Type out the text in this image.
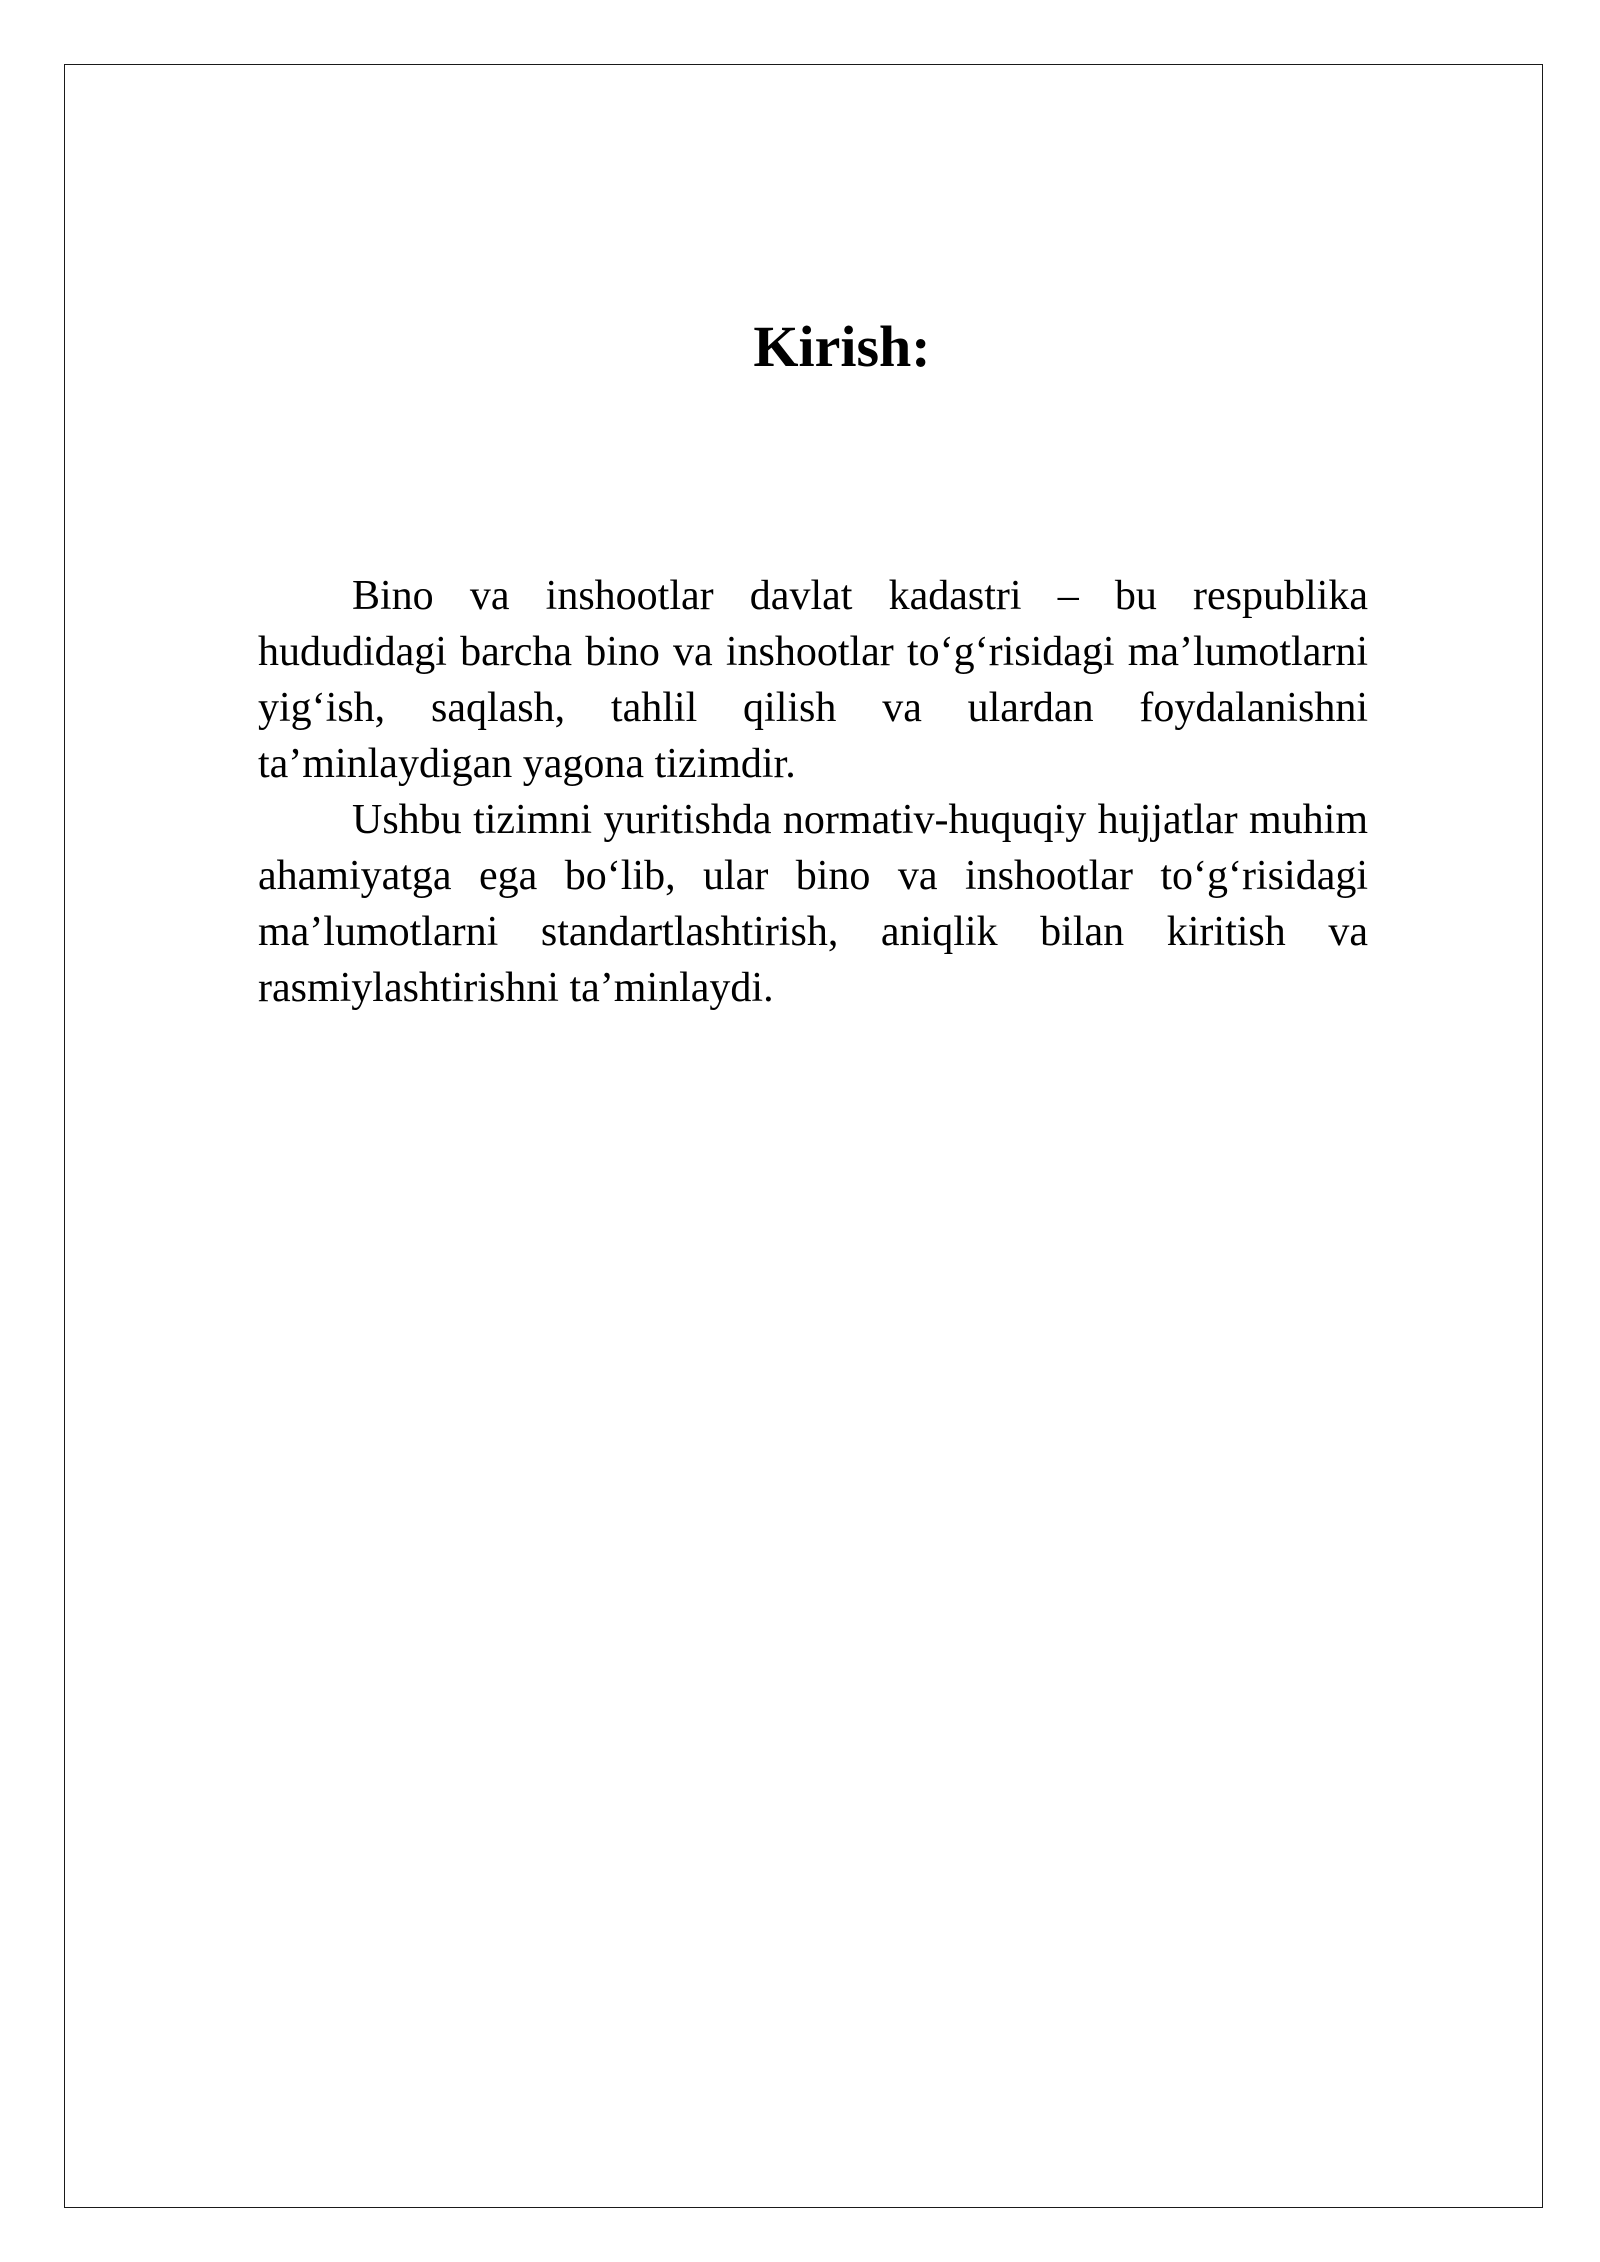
Kirish:

Bino va inshootlar davlat kadastri – bu respublika hududidagi barcha bino va inshootlar to‘g‘risidagi ma’lumotlarni yig‘ish, saqlash, tahlil qilish va ulardan foydalanishni ta’minlaydigan yagona tizimdir.

Ushbu tizimni yuritishda normativ-huquqiy hujjatlar muhim ahamiyatga ega bo‘lib, ular bino va inshootlar to‘g‘risidagi ma’lumotlarni standartlashtirish, aniqlik bilan kiritish va rasmiylashtirishni ta’minlaydi.
